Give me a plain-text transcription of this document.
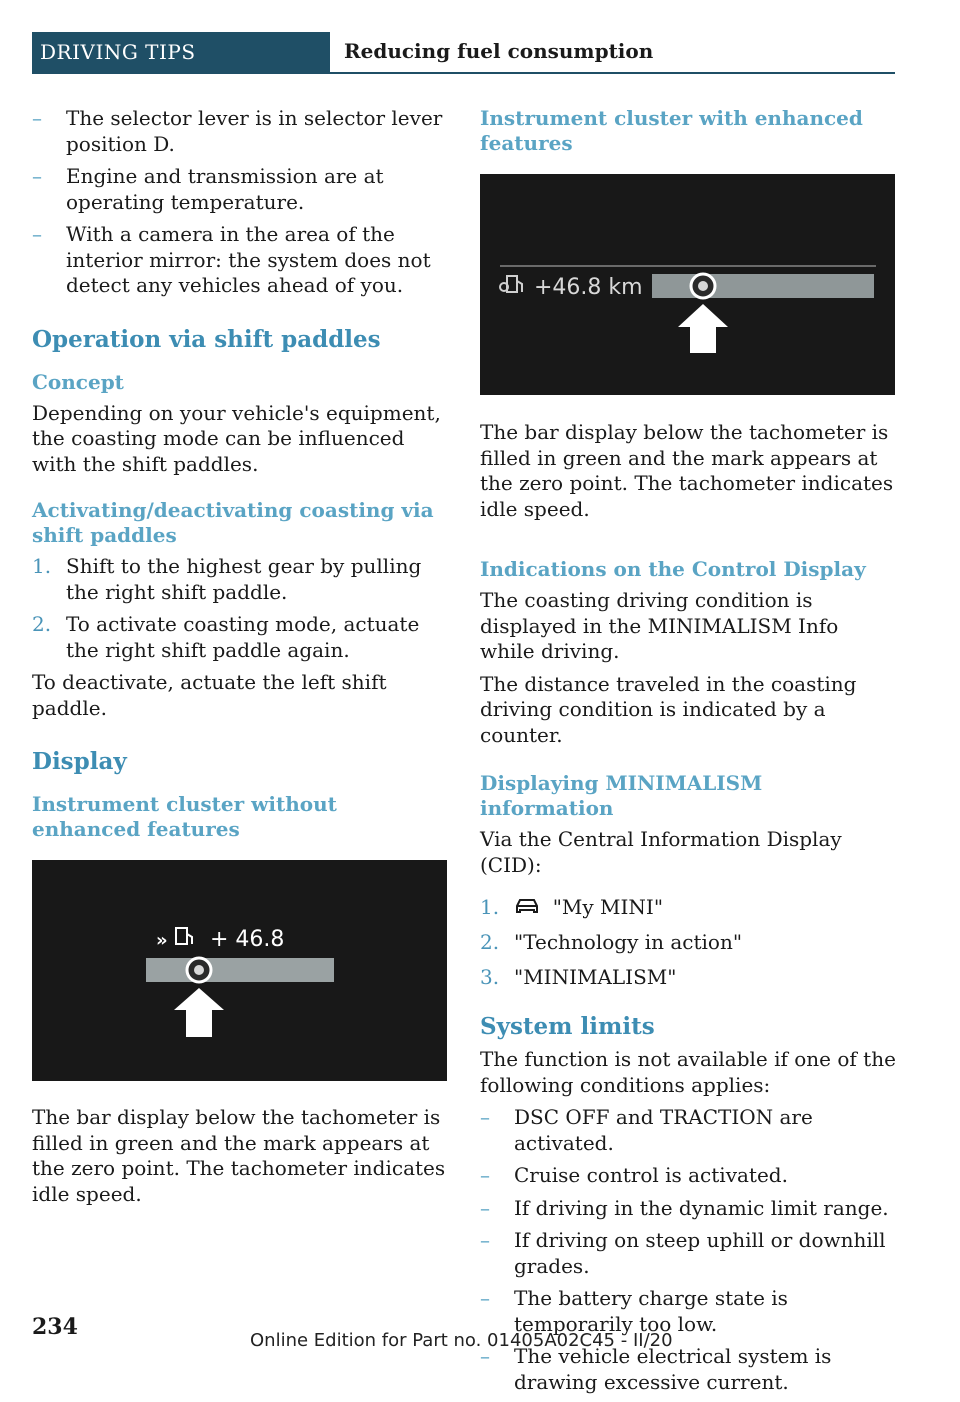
DRIVING TIPS	Reducing fuel consumption
– The selector lever is in selector lever position D.
– Engine and transmission are at operating temperature.
– With a camera in the area of the interior mirror: the system does not detect any vehicles ahead of you.
Operation via shift paddles
Concept

Depending on your vehicle's equipment, the coasting mode can be influenced with the shift paddles.

Activating/deactivating coasting via shift paddles
1. Shift to the highest gear by pulling the right shift paddle.
2. To activate coasting mode, actuate the right shift paddle again.

To deactivate, actuate the left shift paddle.

Display
Instrument cluster without enhanced features
» + 46.8

The bar display below the tachometer is filled in green and the mark appears at the zero point. The tachometer indicates idle speed.

Instrument cluster with enhanced features
+46.8 km

The bar display below the tachometer is filled in green and the mark appears at the zero point. The tachometer indicates idle speed.

Indications on the Control Display

The coasting driving condition is displayed in the MINIMALISM Info while driving.

The distance traveled in the coasting driving condition is indicated by a counter.

Displaying MINIMALISM information

Via the Central Information Display (CID):

1.	"My MINI"
2. "Technology in action"
3. "MINIMALISM"
System limits

The function is not available if one of the following conditions applies:

– DSC OFF and TRACTION are activated.
– Cruise control is activated.
– If driving in the dynamic limit range.
– If driving on steep uphill or downhill grades.
– The battery charge state is temporarily too low.
– The vehicle electrical system is drawing excessive current.
234
Online Edition for Part no. 01405A02C45 - II/20
